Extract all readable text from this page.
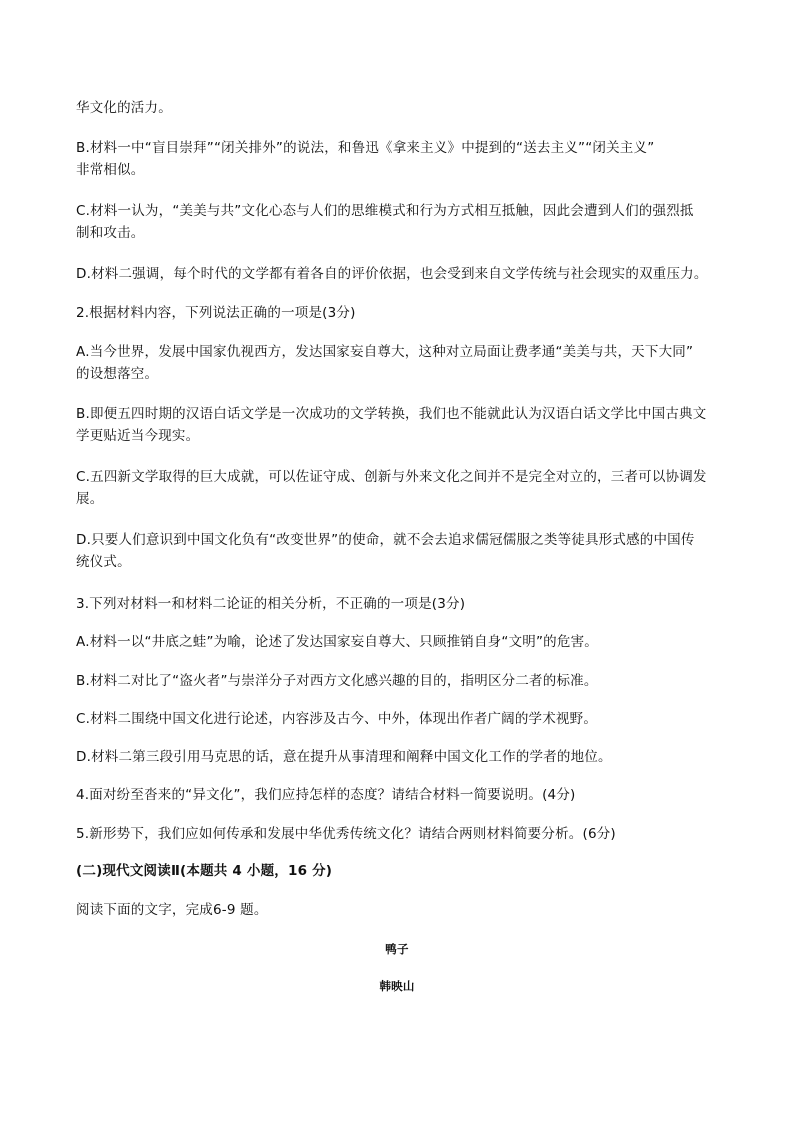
华文化的活力。
B.材料一中“盲目崇拜”“闭关排外”的说法，和鲁迅《拿来主义》中提到的“送去主义”“闭关主义”
非常相似。
C.材料一认为，“美美与共”文化心态与人们的思维模式和行为方式相互抵触，因此会遭到人们的强烈抵
制和攻击。
D.材料二强调，每个时代的文学都有着各自的评价依据，也会受到来自文学传统与社会现实的双重压力。
2.根据材料内容，下列说法正确的一项是(3分)
A.当今世界，发展中国家仇视西方，发达国家妄自尊大，这种对立局面让费孝通“美美与共，天下大同”
的设想落空。
B.即便五四时期的汉语白话文学是一次成功的文学转换，我们也不能就此认为汉语白话文学比中国古典文
学更贴近当今现实。
C.五四新文学取得的巨大成就，可以佐证守成、创新与外来文化之间并不是完全对立的，三者可以协调发
展。
D.只要人们意识到中国文化负有“改变世界”的使命，就不会去追求儒冠儒服之类等徒具形式感的中国传
统仪式。
3.下列对材料一和材料二论证的相关分析，不正确的一项是(3分)
A.材料一以“井底之蛙”为喻，论述了发达国家妄自尊大、只顾推销自身“文明”的危害。
B.材料二对比了“盗火者”与崇洋分子对西方文化感兴趣的目的，指明区分二者的标准。
C.材料二围绕中国文化进行论述，内容涉及古今、中外，体现出作者广阔的学术视野。
D.材料二第三段引用马克思的话，意在提升从事清理和阐释中国文化工作的学者的地位。
4.面对纷至沓来的“异文化”，我们应持怎样的态度？请结合材料一简要说明。(4分)
5.新形势下，我们应如何传承和发展中华优秀传统文化？请结合两则材料简要分析。(6分)
(二)现代文阅读Ⅱ(本题共 4 小题，16 分)
阅读下面的文字，完成6-9 题。
鸭子
韩映山
